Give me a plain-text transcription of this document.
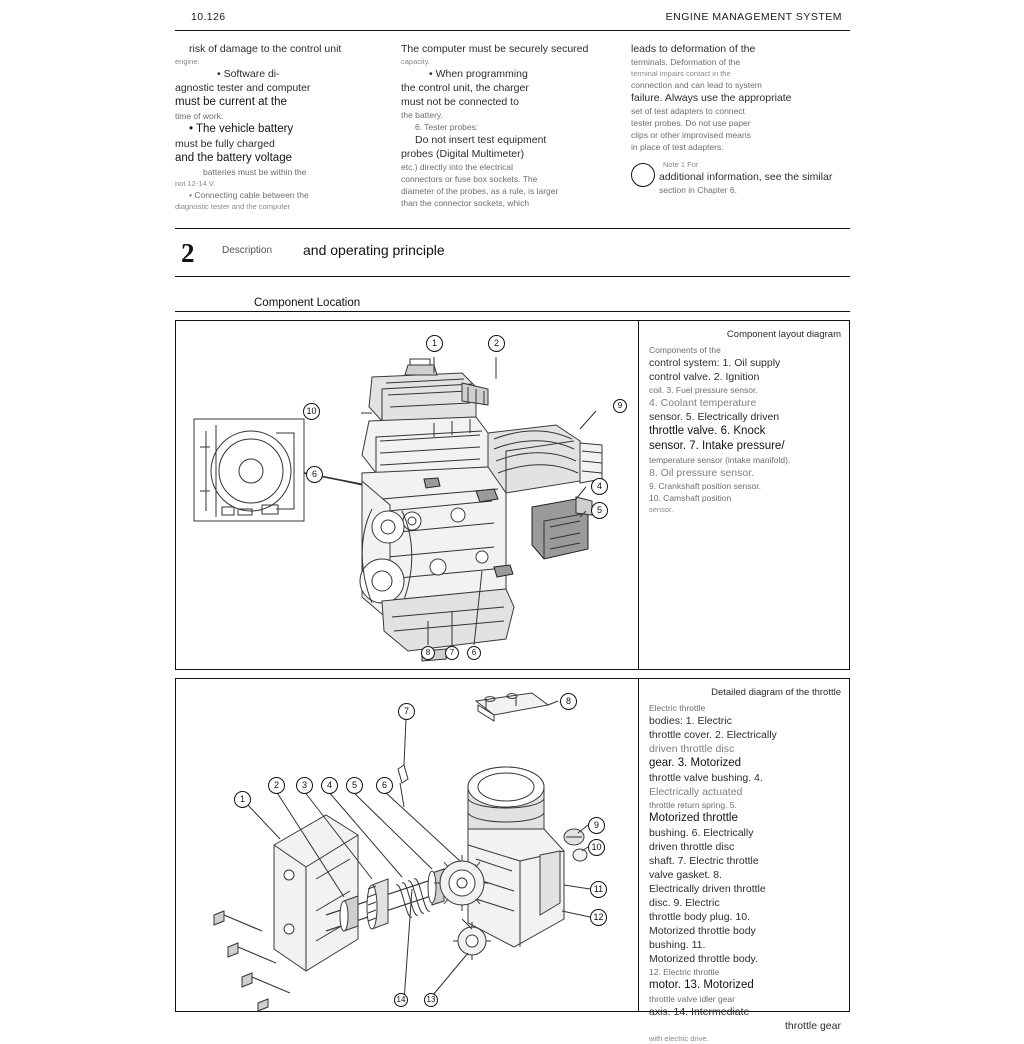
10.126	ENGINE MANAGEMENT SYSTEM
risk of damage to the control unit
engine.
• Software di-
agnostic tester and computer
must be current at the
time of work.
• The vehicle battery
must be fully charged
and the battery voltage
batteries must be within the
not 12-14 V.
• Connecting cable between the
diagnostic tester and the computer
The computer must be securely secured
capacity.
• When programming
the control unit, the charger
must not be connected to
the battery.
6. Tester probes:
Do not insert test equipment
probes (Digital Multimeter)
etc.) directly into the electrical
connectors or fuse box sockets. The
diameter of the probes, as a rule, is larger
than the connector sockets, which
leads to deformation of the
terminals. Deformation of the
terminal impairs contact in the
connection and can lead to system
failure. Always use the appropriate
set of test adapters to connect
tester probes. Do not use paper
clips or other improvised means
in place of test adapters.
Note 1 For
additional information, see the similar
section in Chapter 6.
2	Description and operating principle
Component Location
1	2
9
10
6
4
5
8	7	6
Component layout diagram
Components of the
control system: 1. Oil supply
control valve. 2. Ignition
coil. 3. Fuel pressure sensor.
4. Coolant temperature
sensor. 5. Electrically driven
throttle valve. 6. Knock
sensor. 7. Intake pressure/
temperature sensor (intake manifold).
8. Oil pressure sensor.
9. Crankshaft position sensor.
10. Camshaft position
sensor.
7
8
2	3	4	5	6
1
9
10
11
12
13
14
Detailed diagram of the throttle
Electric throttle
bodies: 1. Electric
throttle cover. 2. Electrically
driven throttle disc
gear. 3. Motorized
throttle valve bushing. 4.
Electrically actuated
throttle return spring. 5.
Motorized throttle
bushing. 6. Electrically
driven throttle disc
shaft. 7. Electric throttle
valve gasket. 8.
Electrically driven throttle
disc. 9. Electric
throttle body plug. 10.
Motorized throttle body
bushing. 11.
Motorized throttle body.
12. Electric throttle
motor. 13. Motorized
throttle valve idler gear
axis. 14. Intermediate
throttle gear
with electric drive.
